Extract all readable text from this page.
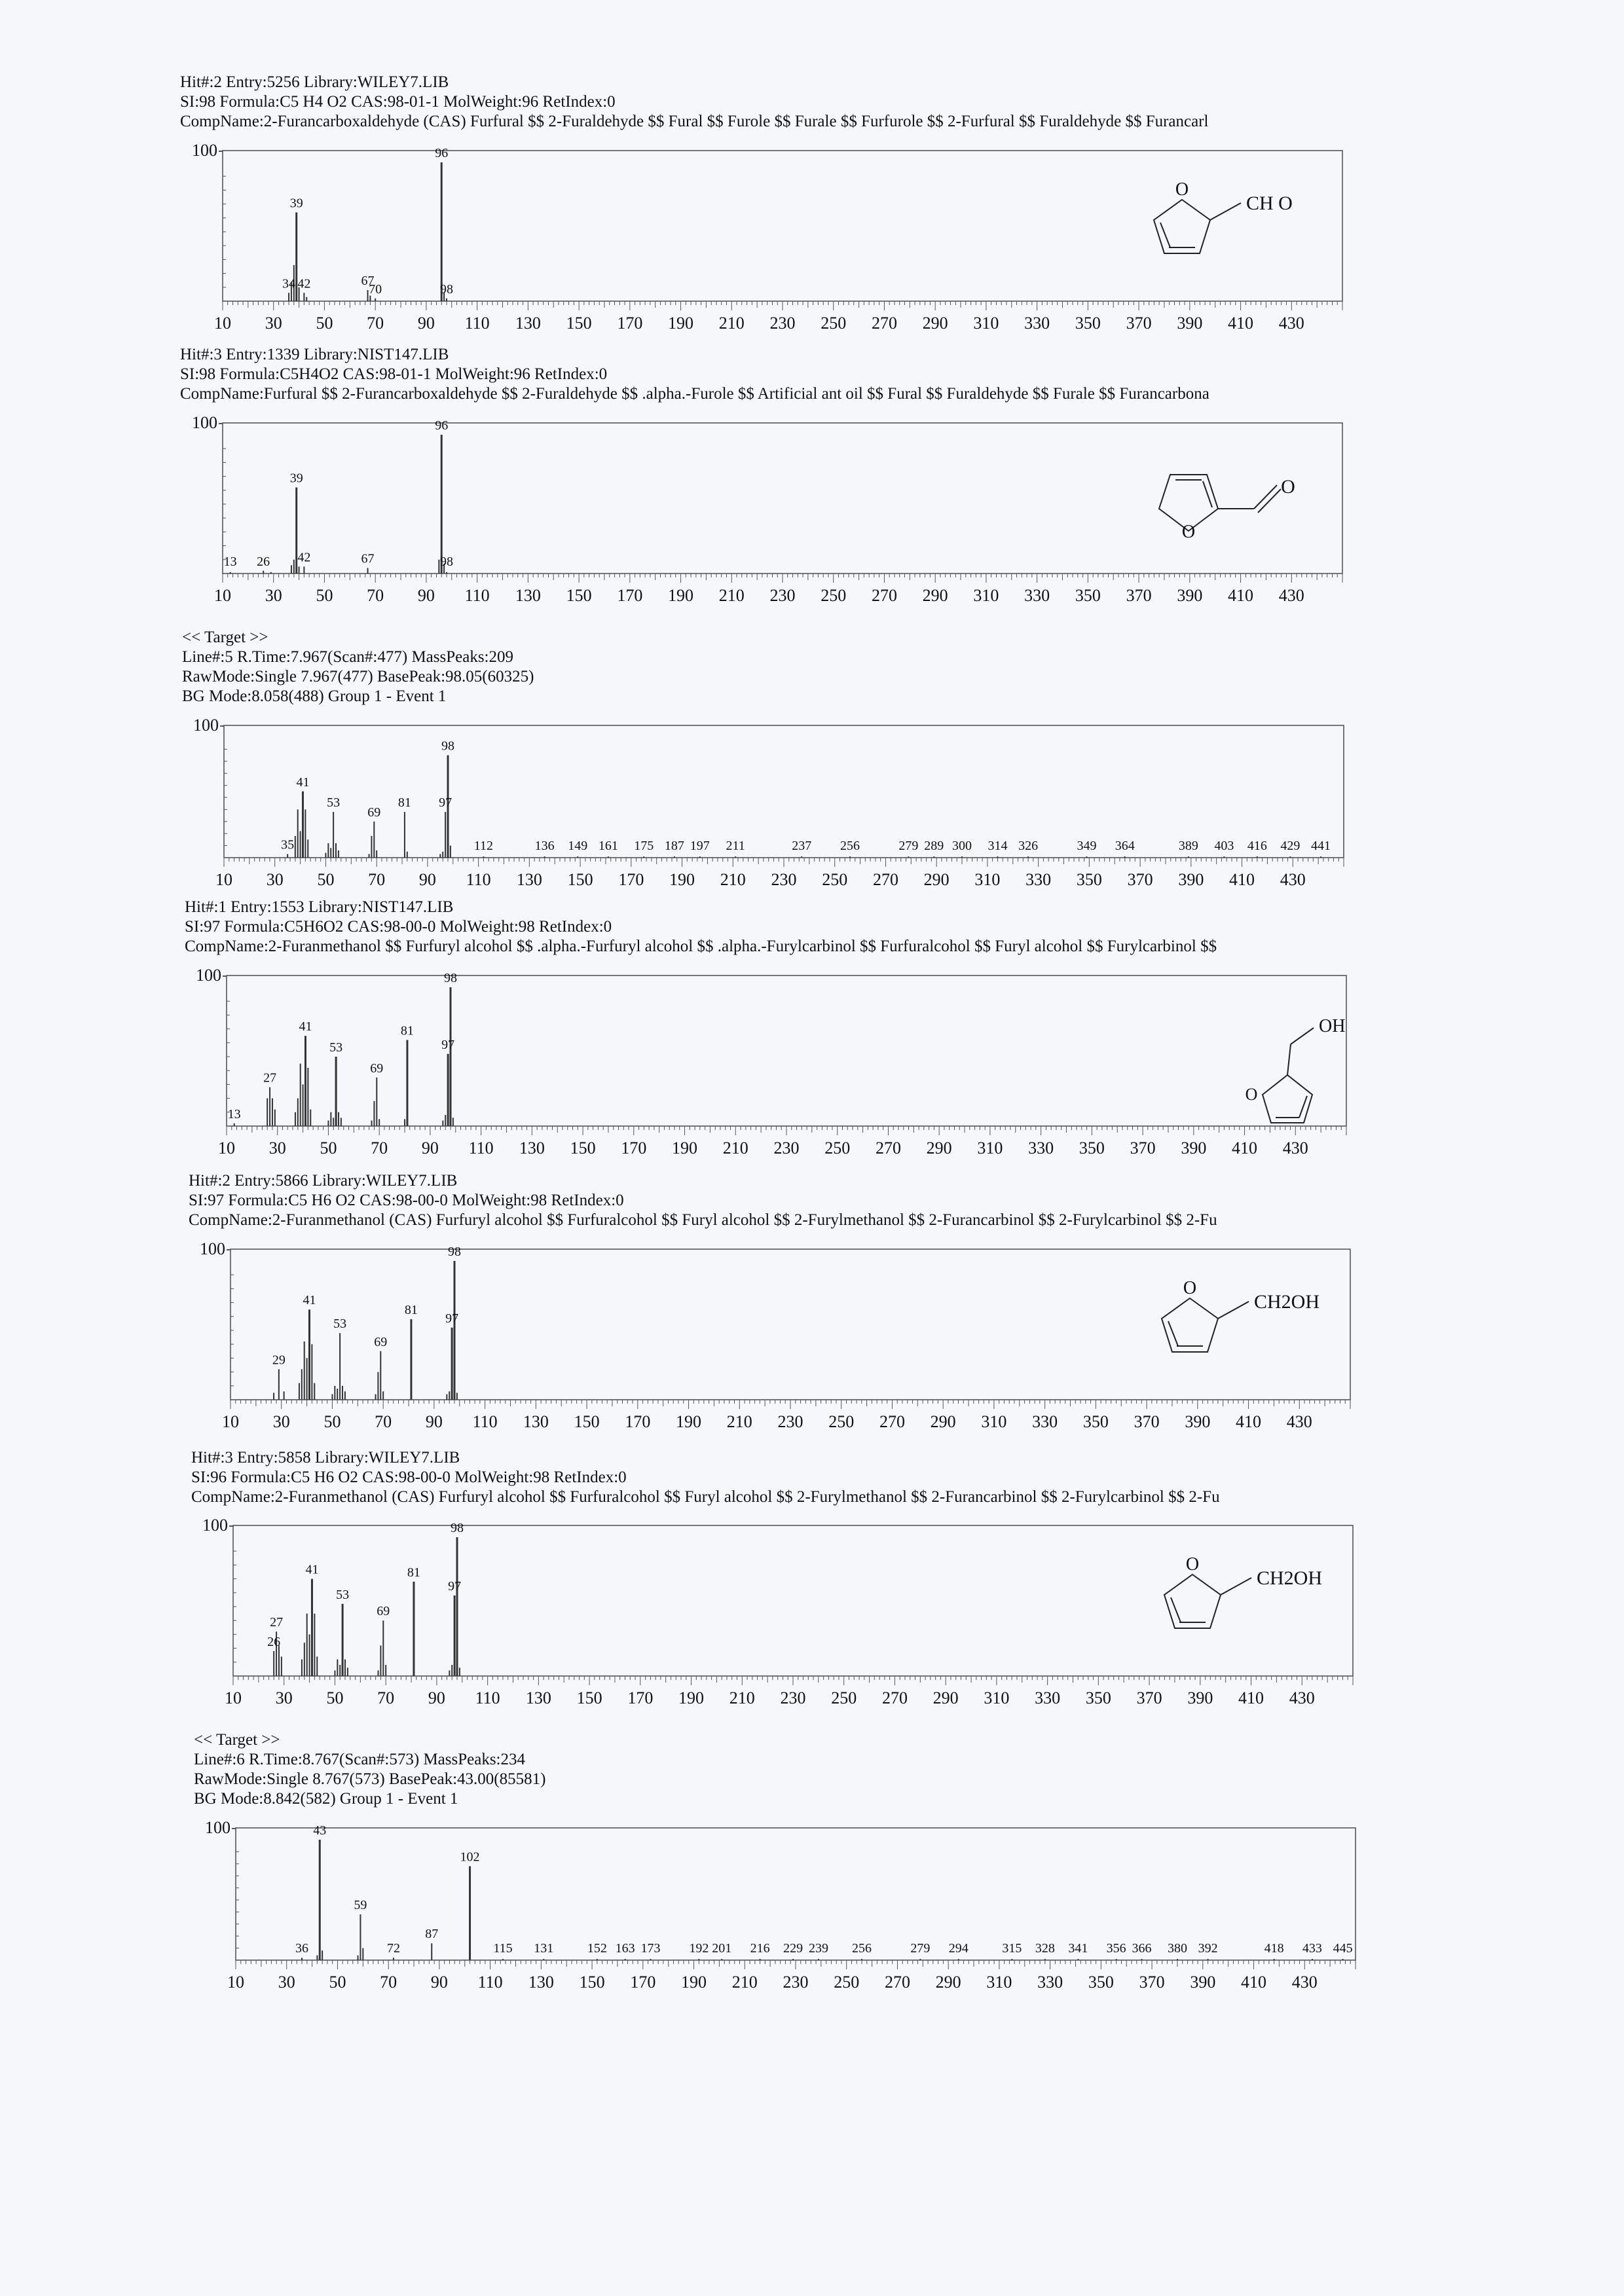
Hit#:2 Entry:5256 Library:WILEY7.LIB
SI:98 Formula:C5 H4 O2 CAS:98-01-1 MolWeight:96 RetIndex:0
CompName:2-Furancarboxaldehyde (CAS) Furfural $$ 2-Furaldehyde $$ Fural $$ Furole $$ Furale $$ Furfurole $$ 2-Furfural $$ Furaldehyde $$ Furancarl
100
10 30 50 70 90 110 130 150 170 190 210 230 250 270 290 310 330 350 370 390 410 430
34 42
39
67
70
96
98
O
CH O
Hit#:3 Entry:1339 Library:NIST147.LIB
SI:98 Formula:C5H4O2 CAS:98-01-1 MolWeight:96 RetIndex:0
CompName:Furfural $$ 2-Furancarboxaldehyde $$ 2-Furaldehyde $$ .alpha.-Furole $$ Artificial ant oil $$ Fural $$ Furaldehyde $$ Furale $$ Furancarbona
100
10 30 50 70 90 110 130 150 170 190 210 230 250 270 290 310 330 350 370 390 410 430
13 26
39
42	67
96
98
O
O
<< Target >>
Line#:5 R.Time:7.967(Scan#:477) MassPeaks:209
RawMode:Single 7.967(477) BasePeak:98.05(60325)
BG Mode:8.058(488) Group 1 - Event 1
100
10 30 50 70 90 110 130 150 170 190 210 230 250 270 290 310 330 350 370 390 410 430
35
41
53
69
81 97
98
112	136 149 161 175 187 197 211	237 256	279 289 300 314 326	349 364	389 403 416 429 441
Hit#:1 Entry:1553 Library:NIST147.LIB
SI:97 Formula:C5H6O2 CAS:98-00-0 MolWeight:98 RetIndex:0
CompName:2-Furanmethanol $$ Furfuryl alcohol $$ .alpha.-Furfuryl alcohol $$ .alpha.-Furylcarbinol $$ Furfuralcohol $$ Furyl alcohol $$ Furylcarbinol $$
100
10 30 50 70 90 110 130 150 170 190 210 230 250 270 290 310 330 350 370 390 410 430
13
27
41
53
69
81
97
98
O
OH
Hit#:2 Entry:5866 Library:WILEY7.LIB
SI:97 Formula:C5 H6 O2 CAS:98-00-0 MolWeight:98 RetIndex:0
CompName:2-Furanmethanol (CAS) Furfuryl alcohol $$ Furfuralcohol $$ Furyl alcohol $$ 2-Furylmethanol $$ 2-Furancarbinol $$ 2-Furylcarbinol $$ 2-Fu
100
10 30 50 70 90 110 130 150 170 190 210 230 250 270 290 310 330 350 370 390 410 430
29
41
53
69
81
97
98
O
CH2OH
Hit#:3 Entry:5858 Library:WILEY7.LIB
SI:96 Formula:C5 H6 O2 CAS:98-00-0 MolWeight:98 RetIndex:0
CompName:2-Furanmethanol (CAS) Furfuryl alcohol $$ Furfuralcohol $$ Furyl alcohol $$ 2-Furylmethanol $$ 2-Furancarbinol $$ 2-Furylcarbinol $$ 2-Fu
100
10 30 50 70 90 110 130 150 170 190 210 230 250 270 290 310 330 350 370 390 410 430
26
27
41
53
69
81
97
98
O
CH2OH
<< Target >>
Line#:6 R.Time:8.767(Scan#:573) MassPeaks:234
RawMode:Single 8.767(573) BasePeak:43.00(85581)
BG Mode:8.842(582) Group 1 - Event 1
100
10 30 50 70 90 110 130 150 170 190 210 230 250 270 290 310 330 350 370 390 410 430
36
43
59
72
87
102
115 131	152 163 173 192 201 216 229 239 256	279 294	315 328 341 356 366 380 392	418 433 445
